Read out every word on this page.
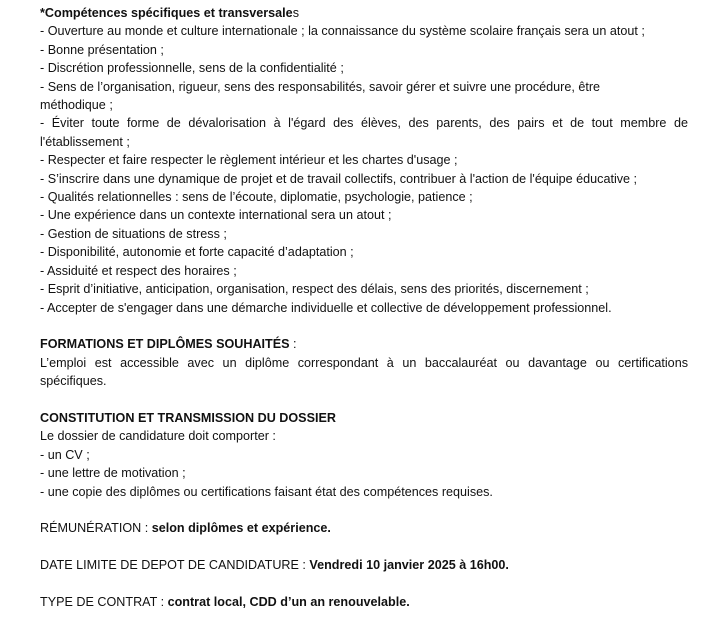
*Compétences spécifiques et transversales
- Ouverture au monde et culture internationale ; la connaissance du système scolaire français sera un atout ;
- Bonne présentation ;
- Discrétion professionnelle, sens de la confidentialité ;
- Sens de l’organisation, rigueur, sens des responsabilités, savoir gérer et suivre une procédure, être méthodique ;
- Éviter toute forme de dévalorisation à l'égard des élèves, des parents, des pairs et de tout membre de l'établissement ;
- Respecter et faire respecter le règlement intérieur et les chartes d'usage ;
- S’inscrire dans une dynamique de projet et de travail collectifs, contribuer à l'action de l'équipe éducative ;
- Qualités relationnelles : sens de l’écoute, diplomatie, psychologie, patience ;
- Une expérience dans un contexte international sera un atout ;
- Gestion de situations de stress ;
- Disponibilité, autonomie et forte capacité d’adaptation ;
- Assiduité et respect des horaires ;
- Esprit d’initiative, anticipation, organisation, respect des délais, sens des priorités, discernement ;
- Accepter de s'engager dans une démarche individuelle et collective de développement professionnel.
FORMATIONS ET DIPLÔMES SOUHAITÉS :
L’emploi est accessible avec un diplôme correspondant à un baccalauréat ou davantage ou certifications spécifiques.
CONSTITUTION ET TRANSMISSION DU DOSSIER
Le dossier de candidature doit comporter :
- un CV ;
- une lettre de motivation ;
- une copie des diplômes ou certifications faisant état des compétences requises.
RÉMUNÉRATION : selon diplômes et expérience.
DATE LIMITE DE DEPOT DE CANDIDATURE : Vendredi 10 janvier 2025 à 16h00.
TYPE DE CONTRAT : contrat local, CDD d’un an renouvelable.
